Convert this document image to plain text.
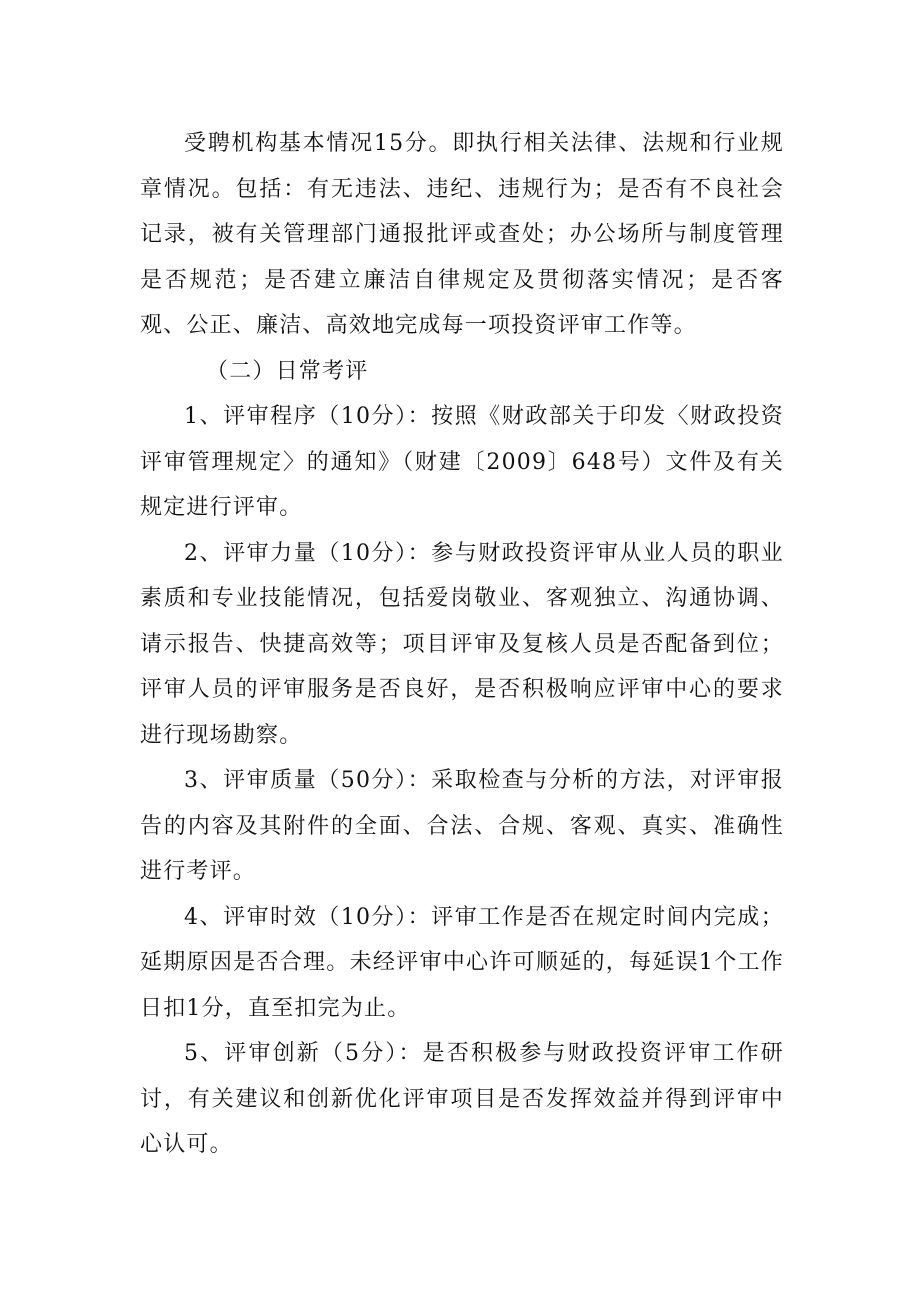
受聘机构基本情况15分。即执行相关法律、法规和行业规章情况。包括：有无违法、违纪、违规行为；是否有不良社会记录，被有关管理部门通报批评或查处；办公场所与制度管理是否规范；是否建立廉洁自律规定及贯彻落实情况；是否客观、公正、廉洁、高效地完成每一项投资评审工作等。

（二）日常考评

1、评审程序（10分）：按照《财政部关于印发〈财政投资评审管理规定〉的通知》（财建〔2009〕648号）文件及有关规定进行评审。

2、评审力量（10分）：参与财政投资评审从业人员的职业素质和专业技能情况，包括爱岗敬业、客观独立、沟通协调、请示报告、快捷高效等；项目评审及复核人员是否配备到位；评审人员的评审服务是否良好，是否积极响应评审中心的要求进行现场勘察。

3、评审质量（50分）：采取检查与分析的方法，对评审报告的内容及其附件的全面、合法、合规、客观、真实、准确性进行考评。

4、评审时效（10分）：评审工作是否在规定时间内完成；延期原因是否合理。未经评审中心许可顺延的，每延误1个工作日扣1分，直至扣完为止。

5、评审创新（5分）：是否积极参与财政投资评审工作研讨，有关建议和创新优化评审项目是否发挥效益并得到评审中心认可。
